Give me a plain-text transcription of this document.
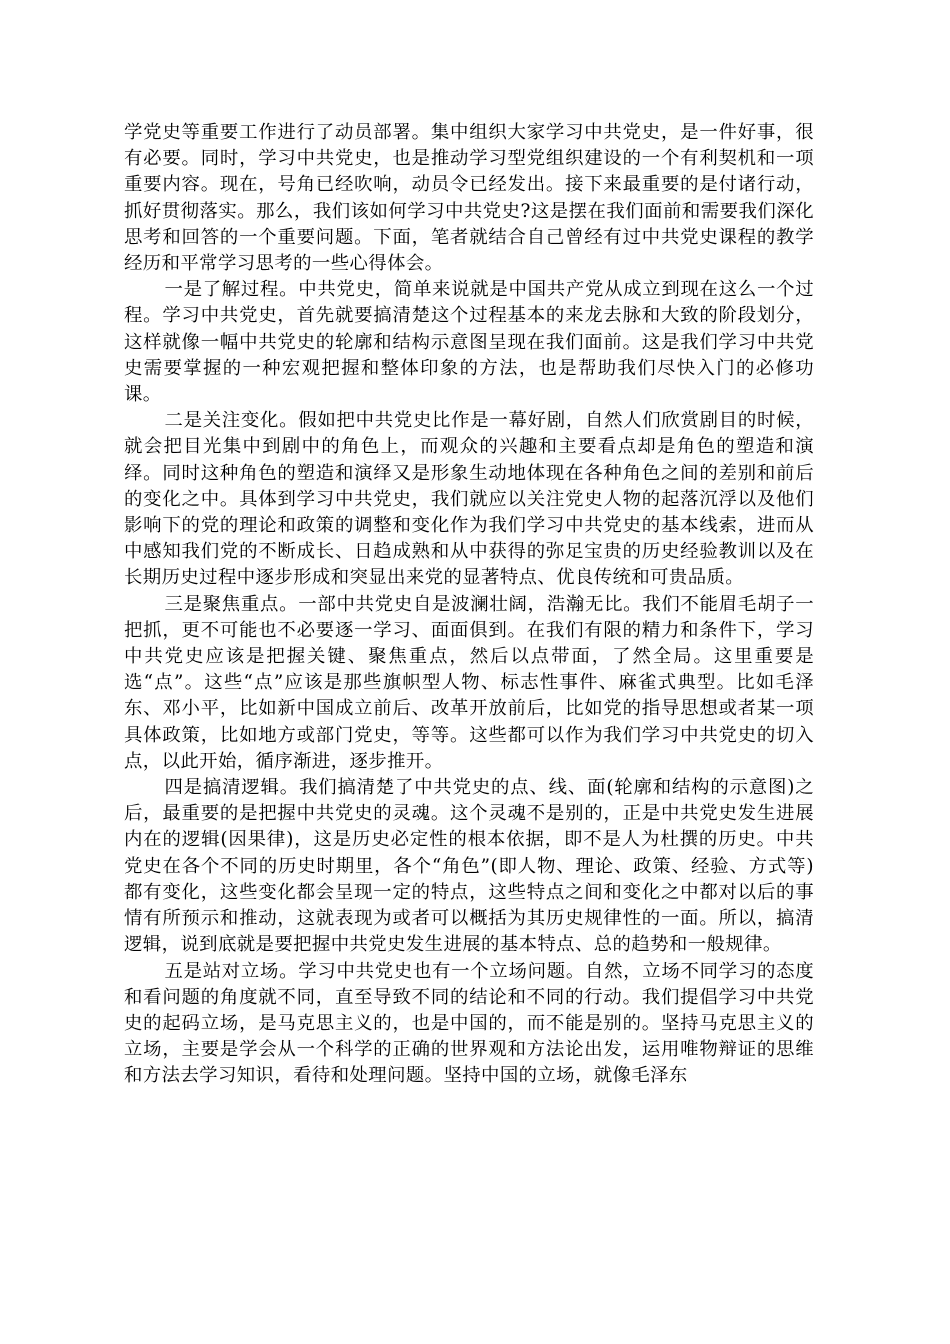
学党史等重要工作进行了动员部署。集中组织大家学习中共党史，是一件好事，很有必要。同时，学习中共党史，也是推动学习型党组织建设的一个有利契机和一项重要内容。现在，号角已经吹响，动员令已经发出。接下来最重要的是付诸行动，抓好贯彻落实。那么，我们该如何学习中共党史?这是摆在我们面前和需要我们深化思考和回答的一个重要问题。下面，笔者就结合自己曾经有过中共党史课程的教学经历和平常学习思考的一些心得体会。

一是了解过程。中共党史，简单来说就是中国共产党从成立到现在这么一个过程。学习中共党史，首先就要搞清楚这个过程基本的来龙去脉和大致的阶段划分，这样就像一幅中共党史的轮廓和结构示意图呈现在我们面前。这是我们学习中共党史需要掌握的一种宏观把握和整体印象的方法，也是帮助我们尽快入门的必修功课。

二是关注变化。假如把中共党史比作是一幕好剧，自然人们欣赏剧目的时候，就会把目光集中到剧中的角色上，而观众的兴趣和主要看点却是角色的塑造和演绎。同时这种角色的塑造和演绎又是形象生动地体现在各种角色之间的差别和前后的变化之中。具体到学习中共党史，我们就应以关注党史人物的起落沉浮以及他们影响下的党的理论和政策的调整和变化作为我们学习中共党史的基本线索，进而从中感知我们党的不断成长、日趋成熟和从中获得的弥足宝贵的历史经验教训以及在长期历史过程中逐步形成和突显出来党的显著特点、优良传统和可贵品质。

三是聚焦重点。一部中共党史自是波澜壮阔，浩瀚无比。我们不能眉毛胡子一把抓，更不可能也不必要逐一学习、面面俱到。在我们有限的精力和条件下，学习中共党史应该是把握关键、聚焦重点，然后以点带面，了然全局。这里重要是选“点”。这些“点”应该是那些旗帜型人物、标志性事件、麻雀式典型。比如毛泽东、邓小平，比如新中国成立前后、改革开放前后，比如党的指导思想或者某一项具体政策，比如地方或部门党史，等等。这些都可以作为我们学习中共党史的切入点，以此开始，循序渐进，逐步推开。

四是搞清逻辑。我们搞清楚了中共党史的点、线、面(轮廓和结构的示意图)之后，最重要的是把握中共党史的灵魂。这个灵魂不是别的，正是中共党史发生进展内在的逻辑(因果律)，这是历史必定性的根本依据，即不是人为杜撰的历史。中共党史在各个不同的历史时期里，各个“角色”(即人物、理论、政策、经验、方式等)都有变化，这些变化都会呈现一定的特点，这些特点之间和变化之中都对以后的事情有所预示和推动，这就表现为或者可以概括为其历史规律性的一面。所以，搞清逻辑，说到底就是要把握中共党史发生进展的基本特点、总的趋势和一般规律。

五是站对立场。学习中共党史也有一个立场问题。自然，立场不同学习的态度和看问题的角度就不同，直至导致不同的结论和不同的行动。我们提倡学习中共党史的起码立场，是马克思主义的，也是中国的，而不能是别的。坚持马克思主义的立场，主要是学会从一个科学的正确的世界观和方法论出发，运用唯物辩证的思维和方法去学习知识，看待和处理问题。坚持中国的立场，就像毛泽东
